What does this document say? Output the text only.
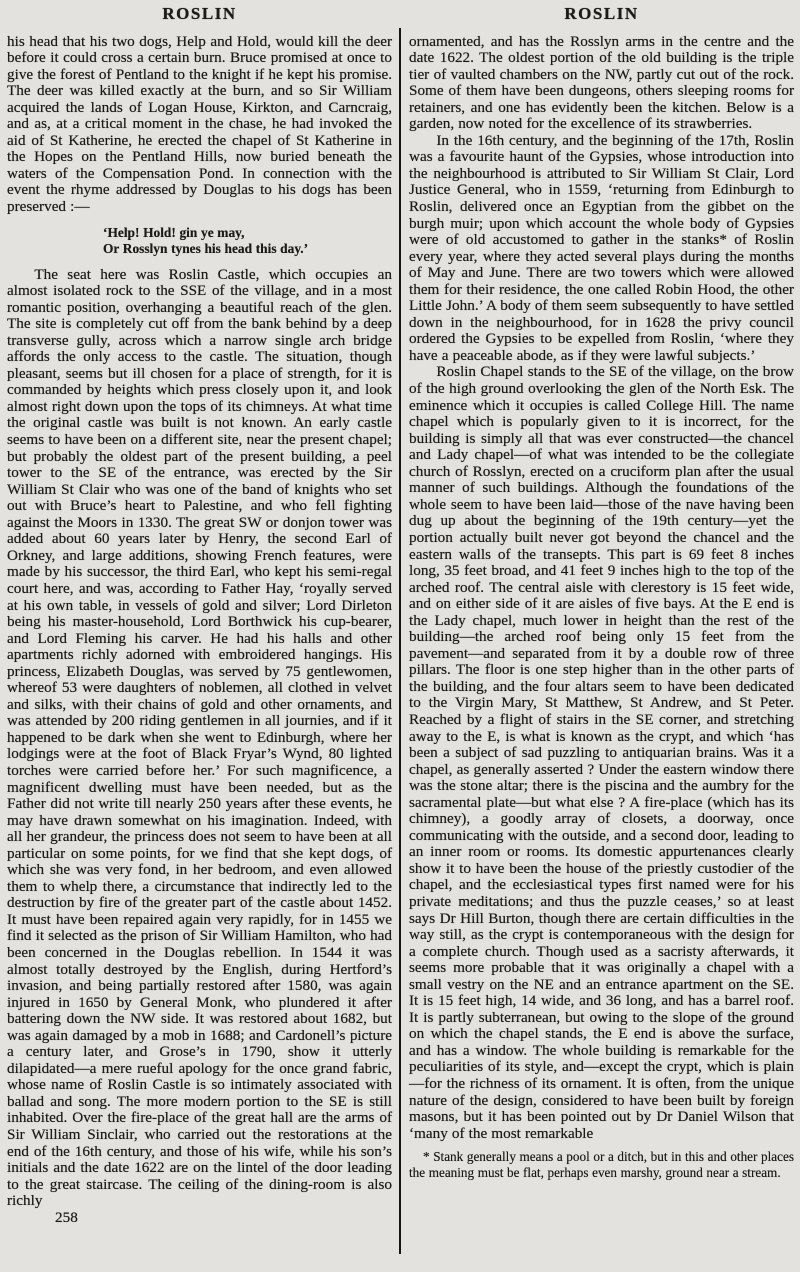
ROSLIN

his head that his two dogs, Help and Hold, would kill the deer before it could cross a certain burn. Bruce promised at once to give the forest of Pentland to the knight if he kept his promise. The deer was killed exactly at the burn, and so Sir William acquired the lands of Logan House, Kirkton, and Carncraig, and as, at a critical moment in the chase, he had invoked the aid of St Katherine, he erected the chapel of St Katherine in the Hopes on the Pentland Hills, now buried beneath the waters of the Compensation Pond. In connection with the event the rhyme addressed by Douglas to his dogs has been preserved :—

‘Help! Hold! gin ye may,
Or Rosslyn tynes his head this day.’

The seat here was Roslin Castle, which occupies an almost isolated rock to the SSE of the village, and in a most romantic position, overhanging a beautiful reach of the glen. The site is completely cut off from the bank behind by a deep transverse gully, across which a narrow single arch bridge affords the only access to the castle. The situation, though pleasant, seems but ill chosen for a place of strength, for it is commanded by heights which press closely upon it, and look almost right down upon the tops of its chimneys. At what time the original castle was built is not known. An early castle seems to have been on a different site, near the present chapel; but probably the oldest part of the present building, a peel tower to the SE of the entrance, was erected by the Sir William St Clair who was one of the band of knights who set out with Bruce’s heart to Palestine, and who fell fighting against the Moors in 1330. The great SW or donjon tower was added about 60 years later by Henry, the second Earl of Orkney, and large additions, showing French features, were made by his successor, the third Earl, who kept his semi-regal court here, and was, according to Father Hay, ‘royally served at his own table, in vessels of gold and silver; Lord Dirleton being his master-household, Lord Borthwick his cup-bearer, and Lord Fleming his carver. He had his halls and other apartments richly adorned with embroidered hangings. His princess, Elizabeth Douglas, was served by 75 gentlewomen, whereof 53 were daughters of noblemen, all clothed in velvet and silks, with their chains of gold and other ornaments, and was attended by 200 riding gentlemen in all journies, and if it happened to be dark when she went to Edinburgh, where her lodgings were at the foot of Black Fryar’s Wynd, 80 lighted torches were carried before her.’ For such magnificence, a magnificent dwelling must have been needed, but as the Father did not write till nearly 250 years after these events, he may have drawn somewhat on his imagination. Indeed, with all her grandeur, the princess does not seem to have been at all particular on some points, for we find that she kept dogs, of which she was very fond, in her bedroom, and even allowed them to whelp there, a circumstance that indirectly led to the destruction by fire of the greater part of the castle about 1452. It must have been repaired again very rapidly, for in 1455 we find it selected as the prison of Sir William Hamilton, who had been concerned in the Douglas rebellion. In 1544 it was almost totally destroyed by the English, during Hertford’s invasion, and being partially restored after 1580, was again injured in 1650 by General Monk, who plundered it after battering down the NW side. It was restored about 1682, but was again damaged by a mob in 1688; and Cardonell’s picture a century later, and Grose’s in 1790, show it utterly dilapidated—a mere rueful apology for the once grand fabric, whose name of Roslin Castle is so intimately associated with ballad and song. The more modern portion to the SE is still inhabited. Over the fire-place of the great hall are the arms of Sir William Sinclair, who carried out the restorations at the end of the 16th century, and those of his wife, while his son’s initials and the date 1622 are on the lintel of the door leading to the great staircase. The ceiling of the dining-room is also richly

258
ROSLIN

ornamented, and has the Rosslyn arms in the centre and the date 1622. The oldest portion of the old building is the triple tier of vaulted chambers on the NW, partly cut out of the rock. Some of them have been dungeons, others sleeping rooms for retainers, and one has evidently been the kitchen. Below is a garden, now noted for the excellence of its strawberries.

In the 16th century, and the beginning of the 17th, Roslin was a favourite haunt of the Gypsies, whose introduction into the neighbourhood is attributed to Sir William St Clair, Lord Justice General, who in 1559, ‘returning from Edinburgh to Roslin, delivered once an Egyptian from the gibbet on the burgh muir; upon which account the whole body of Gypsies were of old accustomed to gather in the stanks* of Roslin every year, where they acted several plays during the months of May and June. There are two towers which were allowed them for their residence, the one called Robin Hood, the other Little John.’ A body of them seem subsequently to have settled down in the neighbourhood, for in 1628 the privy council ordered the Gypsies to be expelled from Roslin, ‘where they have a peaceable abode, as if they were lawful subjects.’

Roslin Chapel stands to the SE of the village, on the brow of the high ground overlooking the glen of the North Esk. The eminence which it occupies is called College Hill. The name chapel which is popularly given to it is incorrect, for the building is simply all that was ever constructed—the chancel and Lady chapel—of what was intended to be the collegiate church of Rosslyn, erected on a cruciform plan after the usual manner of such buildings. Although the foundations of the whole seem to have been laid—those of the nave having been dug up about the beginning of the 19th century—yet the portion actually built never got beyond the chancel and the eastern walls of the transepts. This part is 69 feet 8 inches long, 35 feet broad, and 41 feet 9 inches high to the top of the arched roof. The central aisle with clerestory is 15 feet wide, and on either side of it are aisles of five bays. At the E end is the Lady chapel, much lower in height than the rest of the building—the arched roof being only 15 feet from the pavement—and separated from it by a double row of three pillars. The floor is one step higher than in the other parts of the building, and the four altars seem to have been dedicated to the Virgin Mary, St Matthew, St Andrew, and St Peter. Reached by a flight of stairs in the SE corner, and stretching away to the E, is what is known as the crypt, and which ‘has been a subject of sad puzzling to antiquarian brains. Was it a chapel, as generally asserted ? Under the eastern window there was the stone altar; there is the piscina and the aumbry for the sacramental plate—but what else ? A fire-place (which has its chimney), a goodly array of closets, a doorway, once communicating with the outside, and a second door, leading to an inner room or rooms. Its domestic appurtenances clearly show it to have been the house of the priestly custodier of the chapel, and the ecclesiastical types first named were for his private meditations; and thus the puzzle ceases,’ so at least says Dr Hill Burton, though there are certain difficulties in the way still, as the crypt is contemporaneous with the design for a complete church. Though used as a sacristy afterwards, it seems more probable that it was originally a chapel with a small vestry on the NE and an entrance apartment on the SE. It is 15 feet high, 14 wide, and 36 long, and has a barrel roof. It is partly subterranean, but owing to the slope of the ground on which the chapel stands, the E end is above the surface, and has a window. The whole building is remarkable for the peculiarities of its style, and—except the crypt, which is plain—for the richness of its ornament. It is often, from the unique nature of the design, considered to have been built by foreign masons, but it has been pointed out by Dr Daniel Wilson that ‘many of the most remarkable

* Stank generally means a pool or a ditch, but in this and other places the meaning must be flat, perhaps even marshy, ground near a stream.
